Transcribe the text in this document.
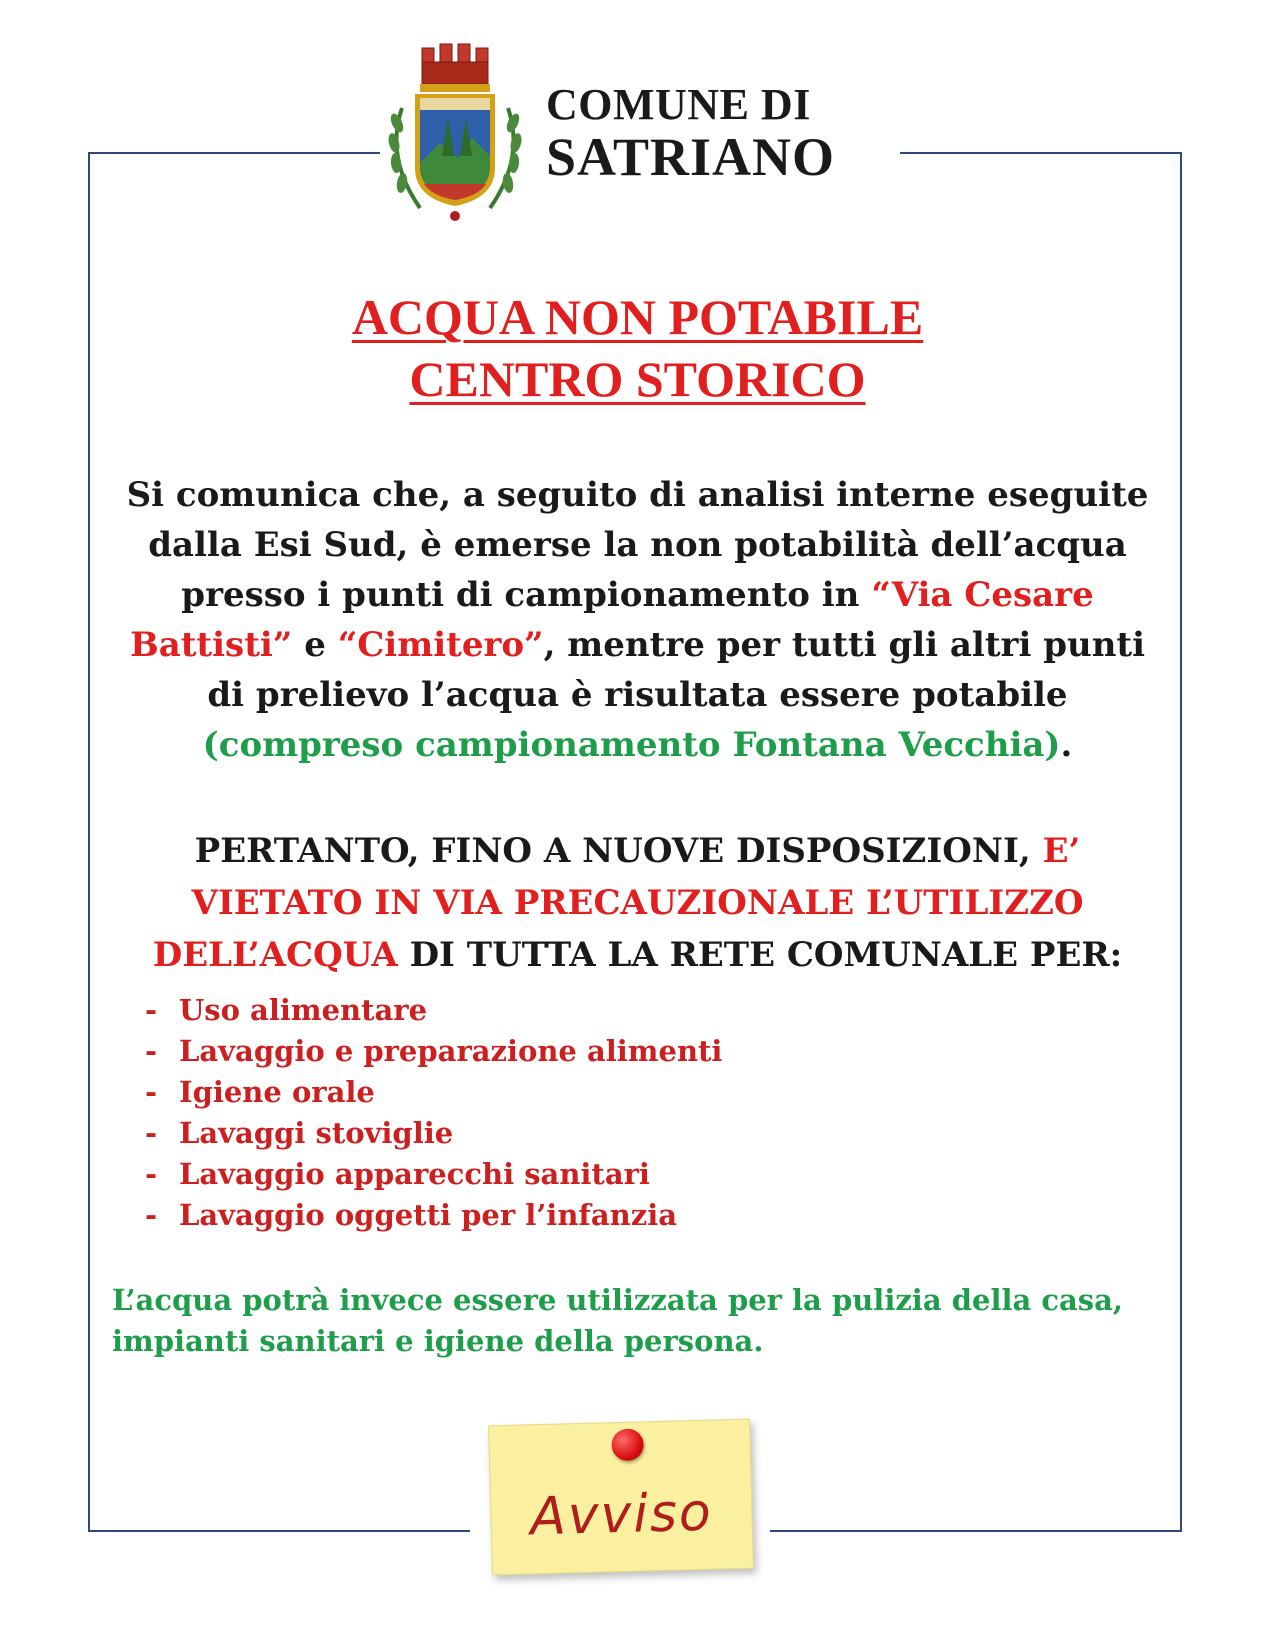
COMUNE DI
SATRIANO
ACQUA NON POTABILE
CENTRO STORICO
Si comunica che, a seguito di analisi interne eseguite
dalla Esi Sud, è emerse la non potabilità dell’acqua
presso i punti di campionamento in “Via Cesare
Battisti” e “Cimitero”, mentre per tutti gli altri punti
di prelievo l’acqua è risultata essere potabile
(compreso campionamento Fontana Vecchia).
PERTANTO, FINO A NUOVE DISPOSIZIONI, E’
VIETATO IN VIA PRECAUZIONALE L’UTILIZZO
DELL’ACQUA DI TUTTA LA RETE COMUNALE PER:
- Uso alimentare
- Lavaggio e preparazione alimenti
- Igiene orale
- Lavaggi stoviglie
- Lavaggio apparecchi sanitari
- Lavaggio oggetti per l’infanzia
L’acqua potrà invece essere utilizzata per la pulizia della casa,
impianti sanitari e igiene della persona.
Avviso
